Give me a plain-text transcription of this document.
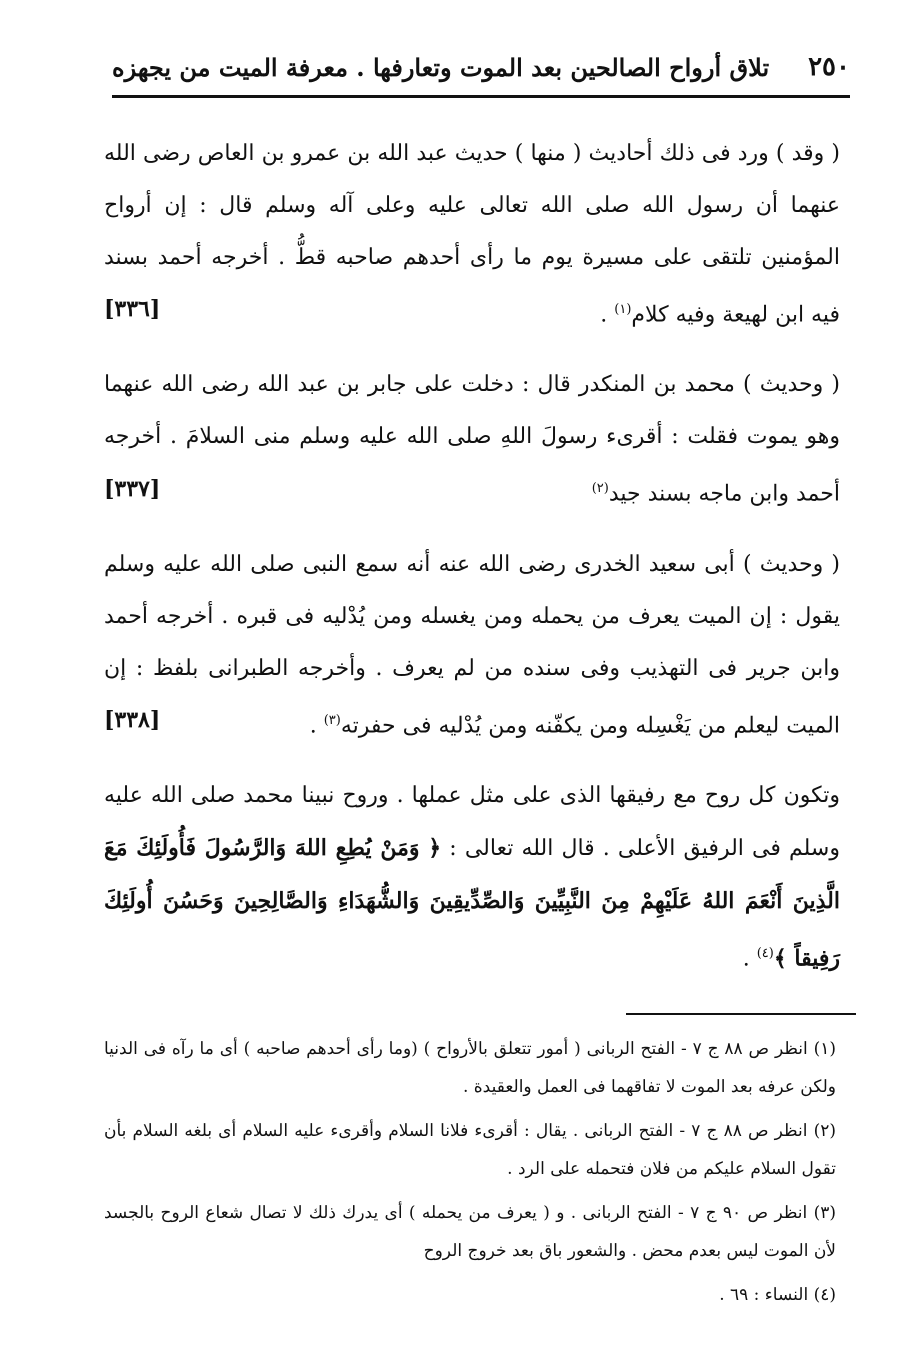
٢٥٠
تلاق أرواح الصالحين بعد الموت وتعارفها . معرفة الميت من يجهزه

( وقد ) ورد فى ذلك أحاديث ( منها ) حديث عبد الله بن عمرو بن العاص رضى الله عنهما أن رسول الله صلى الله تعالى عليه وعلى آله وسلم قال : إن أرواح المؤمنين تلتقى على مسيرة يوم ما رأى أحدهم صاحبه قطُّ . أخرجه أحمد بسند فيه ابن لهيعة وفيه كلام$^{(١)}$ .
[٣٣٦]

( وحديث ) محمد بن المنكدر قال : دخلت على جابر بن عبد الله رضى الله عنهما وهو يموت فقلت : أقرىء رسولَ اللهِ صلى الله عليه وسلم منى السلامَ . أخرجه أحمد وابن ماجه بسند جيد$^{(٢)}$
[٣٣٧]

( وحديث ) أبى سعيد الخدرى رضى الله عنه أنه سمع النبى صلى الله عليه وسلم يقول : إن الميت يعرف من يحمله ومن يغسله ومن يُدْليه فى قبره . أخرجه أحمد وابن جرير فى التهذيب وفى سنده من لم يعرف . وأخرجه الطبرانى بلفظ : إن الميت ليعلم من يَغْسِله ومن يكفّنه ومن يُدْليه فى حفرته$^{(٣)}$ .
[٣٣٨]

وتكون كل روح مع رفيقها الذى على مثل عملها . وروح نبينا محمد صلى الله عليه وسلم فى الرفيق الأعلى . قال الله تعالى : ﴿ وَمَنْ يُطِعِ اللهَ وَالرَّسُولَ فَأُولَئِكَ مَعَ الَّذِينَ أَنْعَمَ اللهُ عَلَيْهِمْ مِنَ النَّبِيِّينَ وَالصِّدِّيقِينَ وَالشُّهَدَاءِ وَالصَّالِحِينَ وَحَسُنَ أُولَئِكَ رَفِيقاً ﴾$^{(٤)}$ .

(١) انظر ص ٨٨ ج ٧ - الفتح الربانى ( أمور تتعلق بالأرواح ) (وما رأى أحدهم صاحبه ) أى ما رآه فى الدنيا ولكن عرفه بعد الموت لا تفاقهما فى العمل والعقيدة .

(٢) انظر ص ٨٨ ج ٧ - الفتح الربانى . يقال : أقرىء فلانا السلام وأقرىء عليه السلام أى بلغه السلام بأن تقول السلام عليكم من فلان فتحمله على الرد .

(٣) انظر ص ٩٠ ج ٧ - الفتح الربانى . و ( يعرف من يحمله ) أى يدرك ذلك لا تصال شعاع الروح بالجسد لأن الموت ليس بعدم محض . والشعور باق بعد خروج الروح

(٤) النساء : ٦٩ .
